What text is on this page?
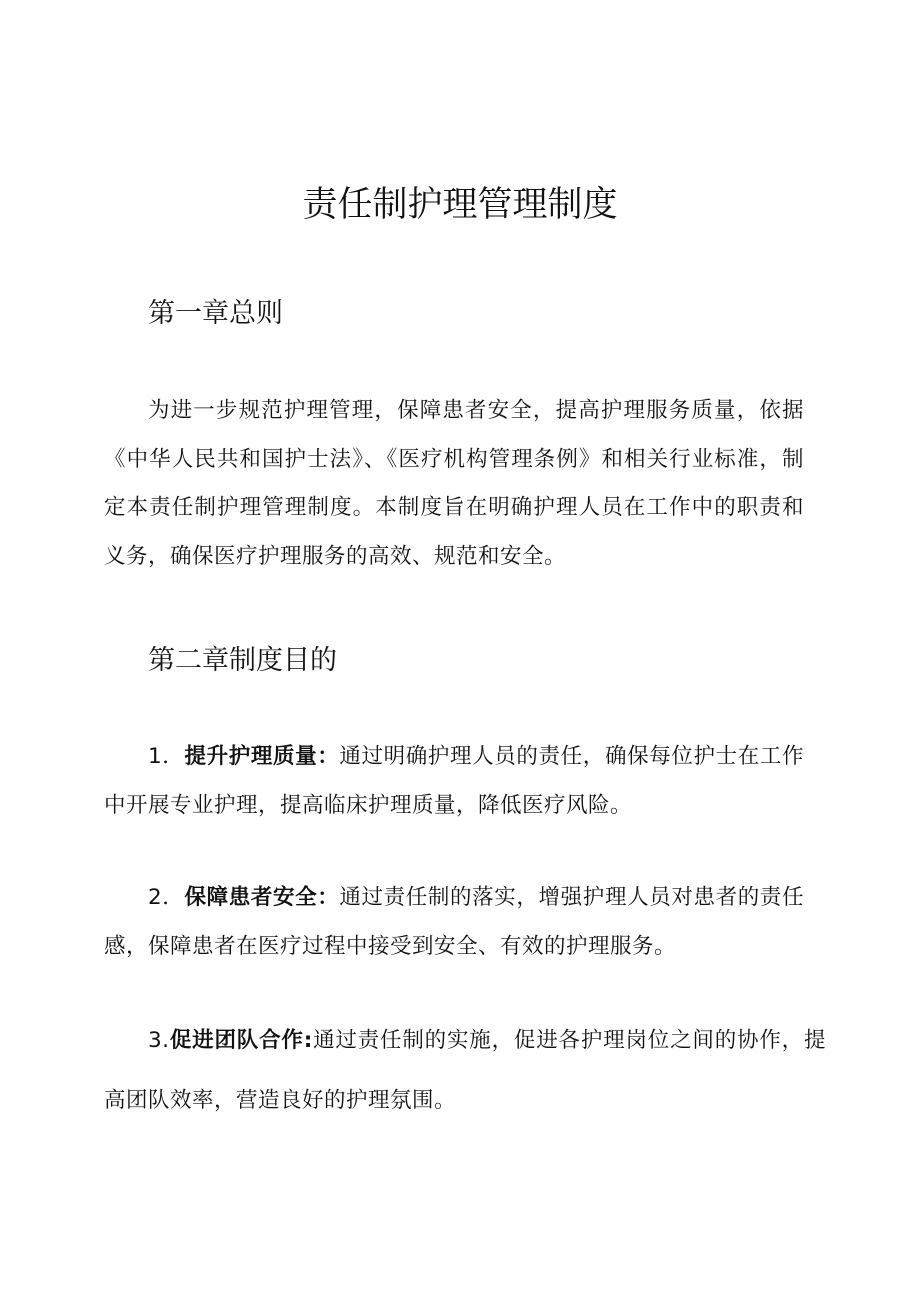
责任制护理管理制度
第一章总则

为进一步规范护理管理，保障患者安全，提高护理服务质量，依据《中华人民共和国护士法》、《医疗机构管理条例》和相关行业标准，制定本责任制护理管理制度。本制度旨在明确护理人员在工作中的职责和义务，确保医疗护理服务的高效、规范和安全。

第二章制度目的

1．提升护理质量：通过明确护理人员的责任，确保每位护士在工作中开展专业护理，提高临床护理质量，降低医疗风险。

2．保障患者安全：通过责任制的落实，增强护理人员对患者的责任感，保障患者在医疗过程中接受到安全、有效的护理服务。

3.促进团队合作:通过责任制的实施，促进各护理岗位之间的协作，提高团队效率，营造良好的护理氛围。
